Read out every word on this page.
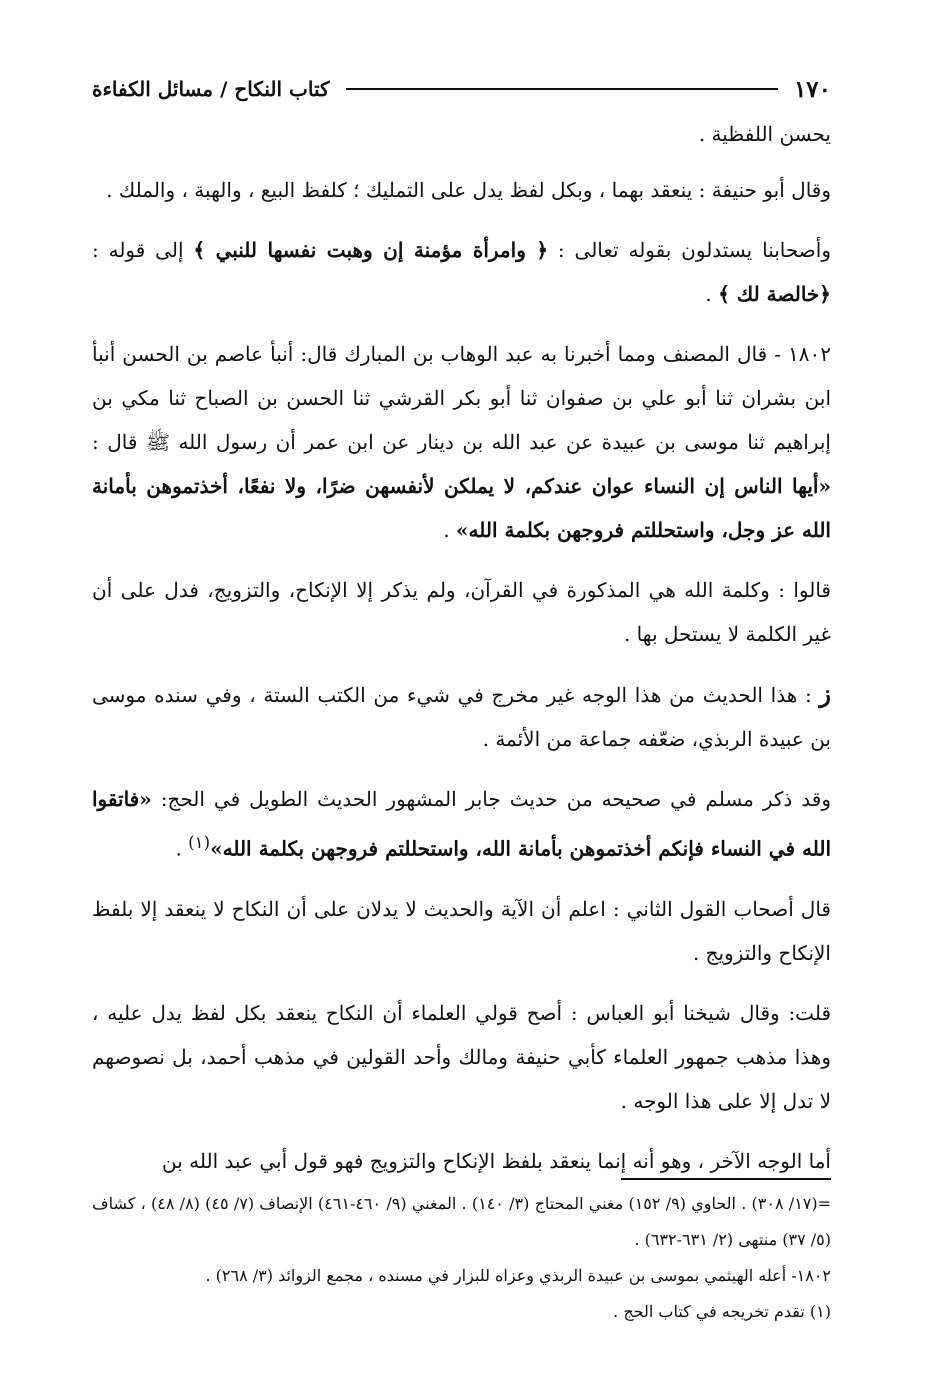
١٧٠
كتاب النكاح / مسائل الكفاءة

يحسن اللفظية .

وقال أبو حنيفة : ينعقد بهما ، وبكل لفظ يدل على التمليك ؛ كلفظ البيع ، والهبة ، والملك .

وأصحابنا يستدلون بقوله تعالى : ﴿ وامرأة مؤمنة إن وهبت نفسها للنبي ﴾ إلى قوله : ﴿خالصة لك ﴾ .

١٨٠٢ - قال المصنف ومما أخبرنا به عبد الوهاب بن المبارك قال: أنبأ عاصم بن الحسن أنبأ ابن بشران ثنا أبو علي بن صفوان ثنا أبو بكر القرشي ثنا الحسن بن الصباح ثنا مكي بن إبراهيم ثنا موسى بن عبيدة عن عبد الله بن دينار عن ابن عمر أن رسول الله ﷺ قال : «أيها الناس إن النساء عوان عندكم، لا يملكن لأنفسهن ضرًا، ولا نفعًا، أخذتموهن بأمانة الله عز وجل، واستحللتم فروجهن بكلمة الله» .

قالوا : وكلمة الله هي المذكورة في القرآن، ولم يذكر إلا الإنكاح، والتزويج، فدل على أن غير الكلمة لا يستحل بها .

ز : هذا الحديث من هذا الوجه غير مخرج في شيء من الكتب الستة ، وفي سنده موسى بن عبيدة الربذي، ضعّفه جماعة من الأئمة .

وقد ذكر مسلم في صحيحه من حديث جابر المشهور الحديث الطويل في الحج: «فاتقوا الله في النساء فإنكم أخذتموهن بأمانة الله، واستحللتم فروجهن بكلمة الله»$^{(١)}$ .

قال أصحاب القول الثاني : اعلم أن الآية والحديث لا يدلان على أن النكاح لا ينعقد إلا بلفظ الإنكاح والتزويج .

قلت: وقال شيخنا أبو العباس : أصح قولي العلماء أن النكاح ينعقد بكل لفظ يدل عليه ، وهذا مذهب جمهور العلماء كأبي حنيفة ومالك وأحد القولين في مذهب أحمد، بل نصوصهم لا تدل إلا على هذا الوجه .

أما الوجه الآخر ، وهو أنه إنما ينعقد بلفظ الإنكاح والتزويج فهو قول أبي عبد الله بن

=(١٧/ ٣٠٨) . الحاوي (٩/ ١٥٢) مغني المحتاج (٣/ ١٤٠) . المغني (٩/ ٤٦٠-٤٦١) الإنصاف (٧/ ٤٥) (٨/ ٤٨) ، كشاف (٥/ ٣٧) منتهى (٢/ ٦٣١-٦٣٢) .

١٨٠٢- أعله الهيثمي بموسى بن عبيدة الربذي وعزاه للبزار في مسنده ، مجمع الزوائد (٣/ ٢٦٨) .

(١) تقدم تخريجه في كتاب الحج .
